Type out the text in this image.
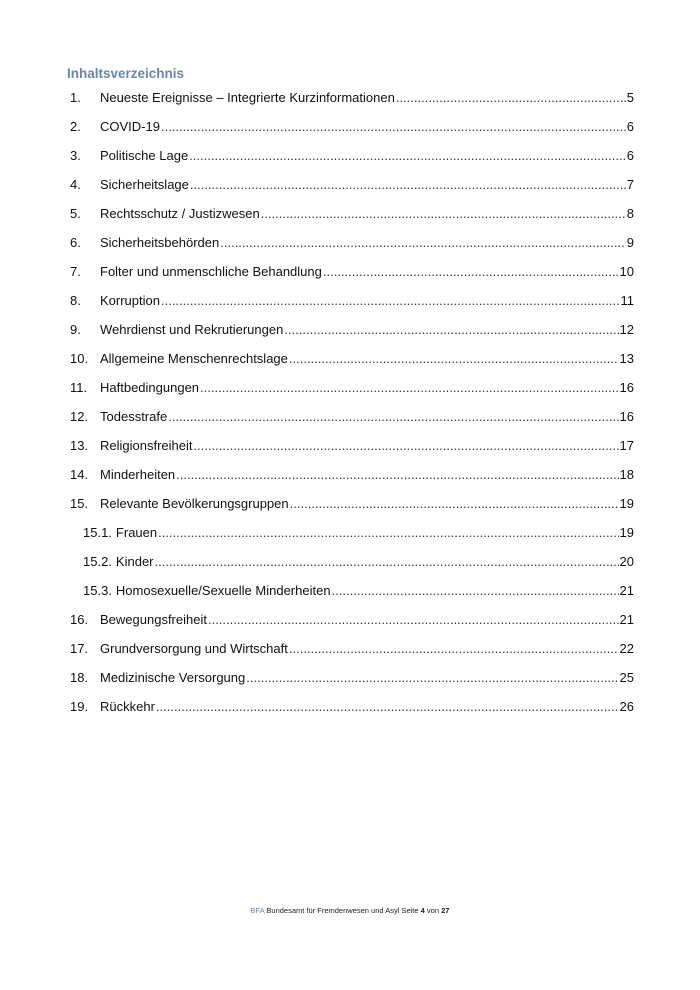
Inhaltsverzeichnis
1.	Neueste Ereignisse – Integrierte Kurzinformationen .....	5
2.	COVID-19 .....	6
3.	Politische Lage .....	6
4.	Sicherheitslage .....	7
5.	Rechtsschutz / Justizwesen .....	8
6.	Sicherheitsbehörden .....	9
7.	Folter und unmenschliche Behandlung .....	10
8.	Korruption .....	11
9.	Wehrdienst und Rekrutierungen .....	12
10. Allgemeine Menschenrechtslage .....	13
11. Haftbedingungen .....	16
12. Todesstrafe .....	16
13. Religionsfreiheit .....	17
14. Minderheiten .....	18
15. Relevante Bevölkerungsgruppen .....	19
15.1. Frauen .....	19
15.2. Kinder .....	20
15.3. Homosexuelle/Sexuelle Minderheiten .....	21
16. Bewegungsfreiheit .....	21
17. Grundversorgung und Wirtschaft .....	22
18. Medizinische Versorgung .....	25
19. Rückkehr .....	26
BFA Bundesamt für Fremdenwesen und Asyl Seite 4 von 27
